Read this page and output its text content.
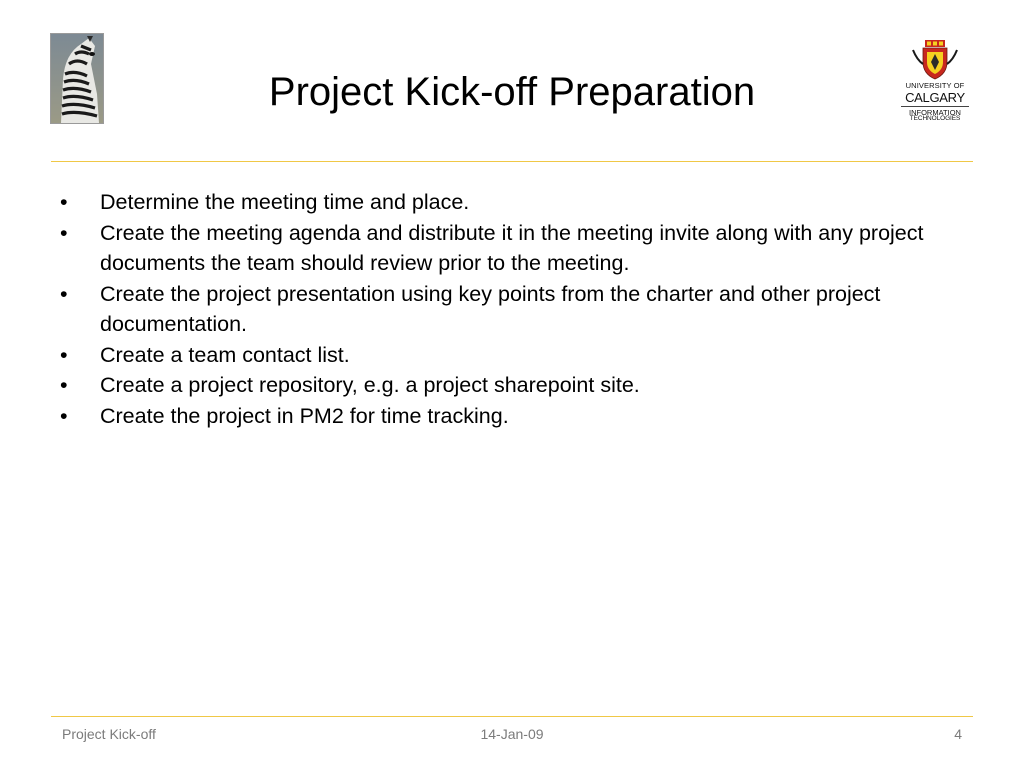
Project Kick-off Preparation	UNIVERSITY OF
CALGARY
INFORMATION
TECHNOLOGIES
• Determine the meeting time and place.
• Create the meeting agenda and distribute it in the meeting invite along with any project documents the team should review prior to the meeting.
• Create the project presentation using key points from the charter and other project documentation.
• Create a team contact list.
• Create a project repository, e.g. a project sharepoint site.
• Create the project in PM2 for time tracking.
Project Kick-off	14-Jan-09	4
